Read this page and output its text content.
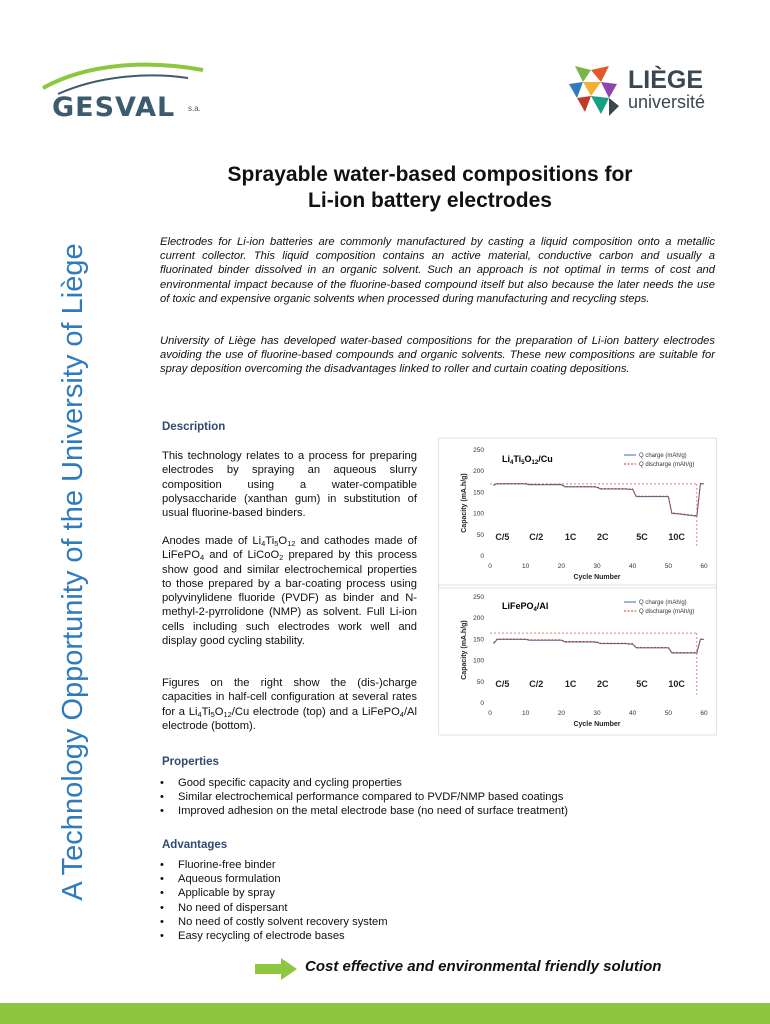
GESVAL s.a.
LIÈGE
université
A Technology Opportunity of the University of Liège
Sprayable water-based compositions for
Li-ion battery electrodes
Electrodes for Li-ion batteries are commonly manufactured by casting a liquid composition onto a metallic current collector. This liquid composition contains an active material, conductive carbon and usually a fluorinated binder dissolved in an organic solvent. Such an approach is not optimal in terms of cost and environmental impact because of the fluorine-based compound itself but also because the later needs the use of toxic and expensive organic solvents when processed during manufacturing and recycling steps.
University of Liège has developed water-based compositions for the preparation of Li-ion battery electrodes avoiding the use of fluorine-based compounds and organic solvents. These new compositions are suitable for spray deposition overcoming the disadvantages linked to roller and curtain coating depositions.
Description
This technology relates to a process for preparing electrodes by spraying an aqueous slurry composition using a water-compatible polysaccharide (xanthan gum) in substitution of usual fluorine-based binders.
Anodes made of $Li_4Ti_5O_{12}$ and cathodes made of LiFePO$_4$ and of LiCoO$_2$ prepared by this process show good and similar electrochemical properties to those prepared by a bar-coating process using polyvinylidene fluoride (PVDF) as binder and N-methyl-2-pyrrolidone (NMP) as solvent. Full Li-ion cells including such electrodes work well and display good cycling stability.
Figures on the right show the (dis-)charge capacities in half-cell configuration at several rates for a $Li_4Ti_5O_{12}/Cu$ electrode (top) and a LiFePO$_4$/Al electrode (bottom).
0
50
100
150
200
250
0	10	20	30	40	50	60
Cycle Number
Capacity (mA.h/g)
$Li_4Ti_5O_{12}/Cu$
C/5 C/2 1C 2C	5C 10C
Q charge (mAh/g)
Q discharge (mAh/g)
0
50
100
150
200
250
0	10	20	30	40	50	60
Cycle Number
Capacity (mA.h/g)
LiFePO$_4$/Al
C/5 C/2 1C 2C	5C 10C
Q charge (mAh/g)
Q discharge (mAh/g)
Properties
• Good specific capacity and cycling properties
• Similar electrochemical performance compared to PVDF/NMP based coatings
• Improved adhesion on the metal electrode base (no need of surface treatment)
Advantages
• Fluorine-free binder
• Aqueous formulation
• Applicable by spray
• No need of dispersant
• No need of costly solvent recovery system
• Easy recycling of electrode bases
Cost effective and environmental friendly solution
